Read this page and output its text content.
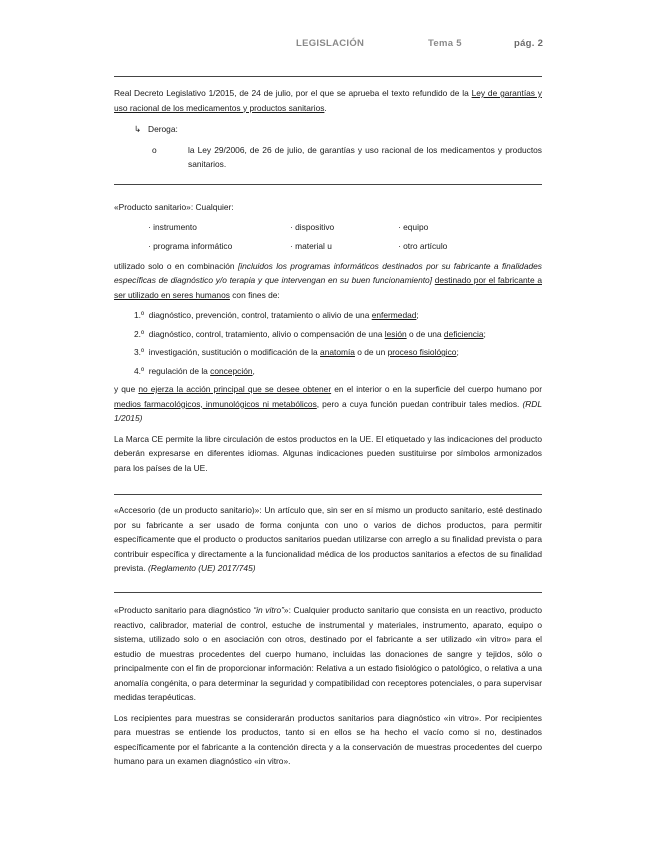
LEGISLACIÓN	Tema 5	pág. 2

Real Decreto Legislativo 1/2015, de 24 de julio, por el que se aprueba el texto refundido de la Ley de garantías y uso racional de los medicamentos y productos sanitarios.

↳ Deroga:

o	la Ley 29/2006, de 26 de julio, de garantías y uso racional de los medicamentos y productos sanitarios.

«Producto sanitario»: Cualquier:

· instrumento	· dispositivo	· equipo
· programa informático	· material u	· otro artículo

utilizado solo o en combinación [incluidos los programas informáticos destinados por su fabricante a finalidades específicas de diagnóstico y/o terapia y que intervengan en su buen funcionamiento] destinado por el fabricante a ser utilizado en seres humanos con fines de:

1.º diagnóstico, prevención, control, tratamiento o alivio de una enfermedad;

2.º diagnóstico, control, tratamiento, alivio o compensación de una lesión o de una deficiencia;

3.º investigación, sustitución o modificación de la anatomía o de un proceso fisiológico;

4.º regulación de la concepción,

y que no ejerza la acción principal que se desee obtener en el interior o en la superficie del cuerpo humano por medios farmacológicos, inmunológicos ni metabólicos, pero a cuya función puedan contribuir tales medios. (RDL 1/2015)

La Marca CE permite la libre circulación de estos productos en la UE. El etiquetado y las indicaciones del producto deberán expresarse en diferentes idiomas. Algunas indicaciones pueden sustituirse por símbolos armonizados para los países de la UE.

«Accesorio (de un producto sanitario)»: Un artículo que, sin ser en sí mismo un producto sanitario, esté destinado por su fabricante a ser usado de forma conjunta con uno o varios de dichos productos, para permitir específicamente que el producto o productos sanitarios puedan utilizarse con arreglo a su finalidad prevista o para contribuir específica y directamente a la funcionalidad médica de los productos sanitarios a efectos de su finalidad prevista. (Reglamento (UE) 2017/745)

«Producto sanitario para diagnóstico “in vitro”»: Cualquier producto sanitario que consista en un reactivo, producto reactivo, calibrador, material de control, estuche de instrumental y materiales, instrumento, aparato, equipo o sistema, utilizado solo o en asociación con otros, destinado por el fabricante a ser utilizado «in vitro» para el estudio de muestras procedentes del cuerpo humano, incluidas las donaciones de sangre y tejidos, sólo o principalmente con el fin de proporcionar información: Relativa a un estado fisiológico o patológico, o relativa a una anomalía congénita, o para determinar la seguridad y compatibilidad con receptores potenciales, o para supervisar medidas terapéuticas.

Los recipientes para muestras se considerarán productos sanitarios para diagnóstico «in vitro». Por recipientes para muestras se entiende los productos, tanto si en ellos se ha hecho el vacío como si no, destinados específicamente por el fabricante a la contención directa y a la conservación de muestras procedentes del cuerpo humano para un examen diagnóstico «in vitro».
